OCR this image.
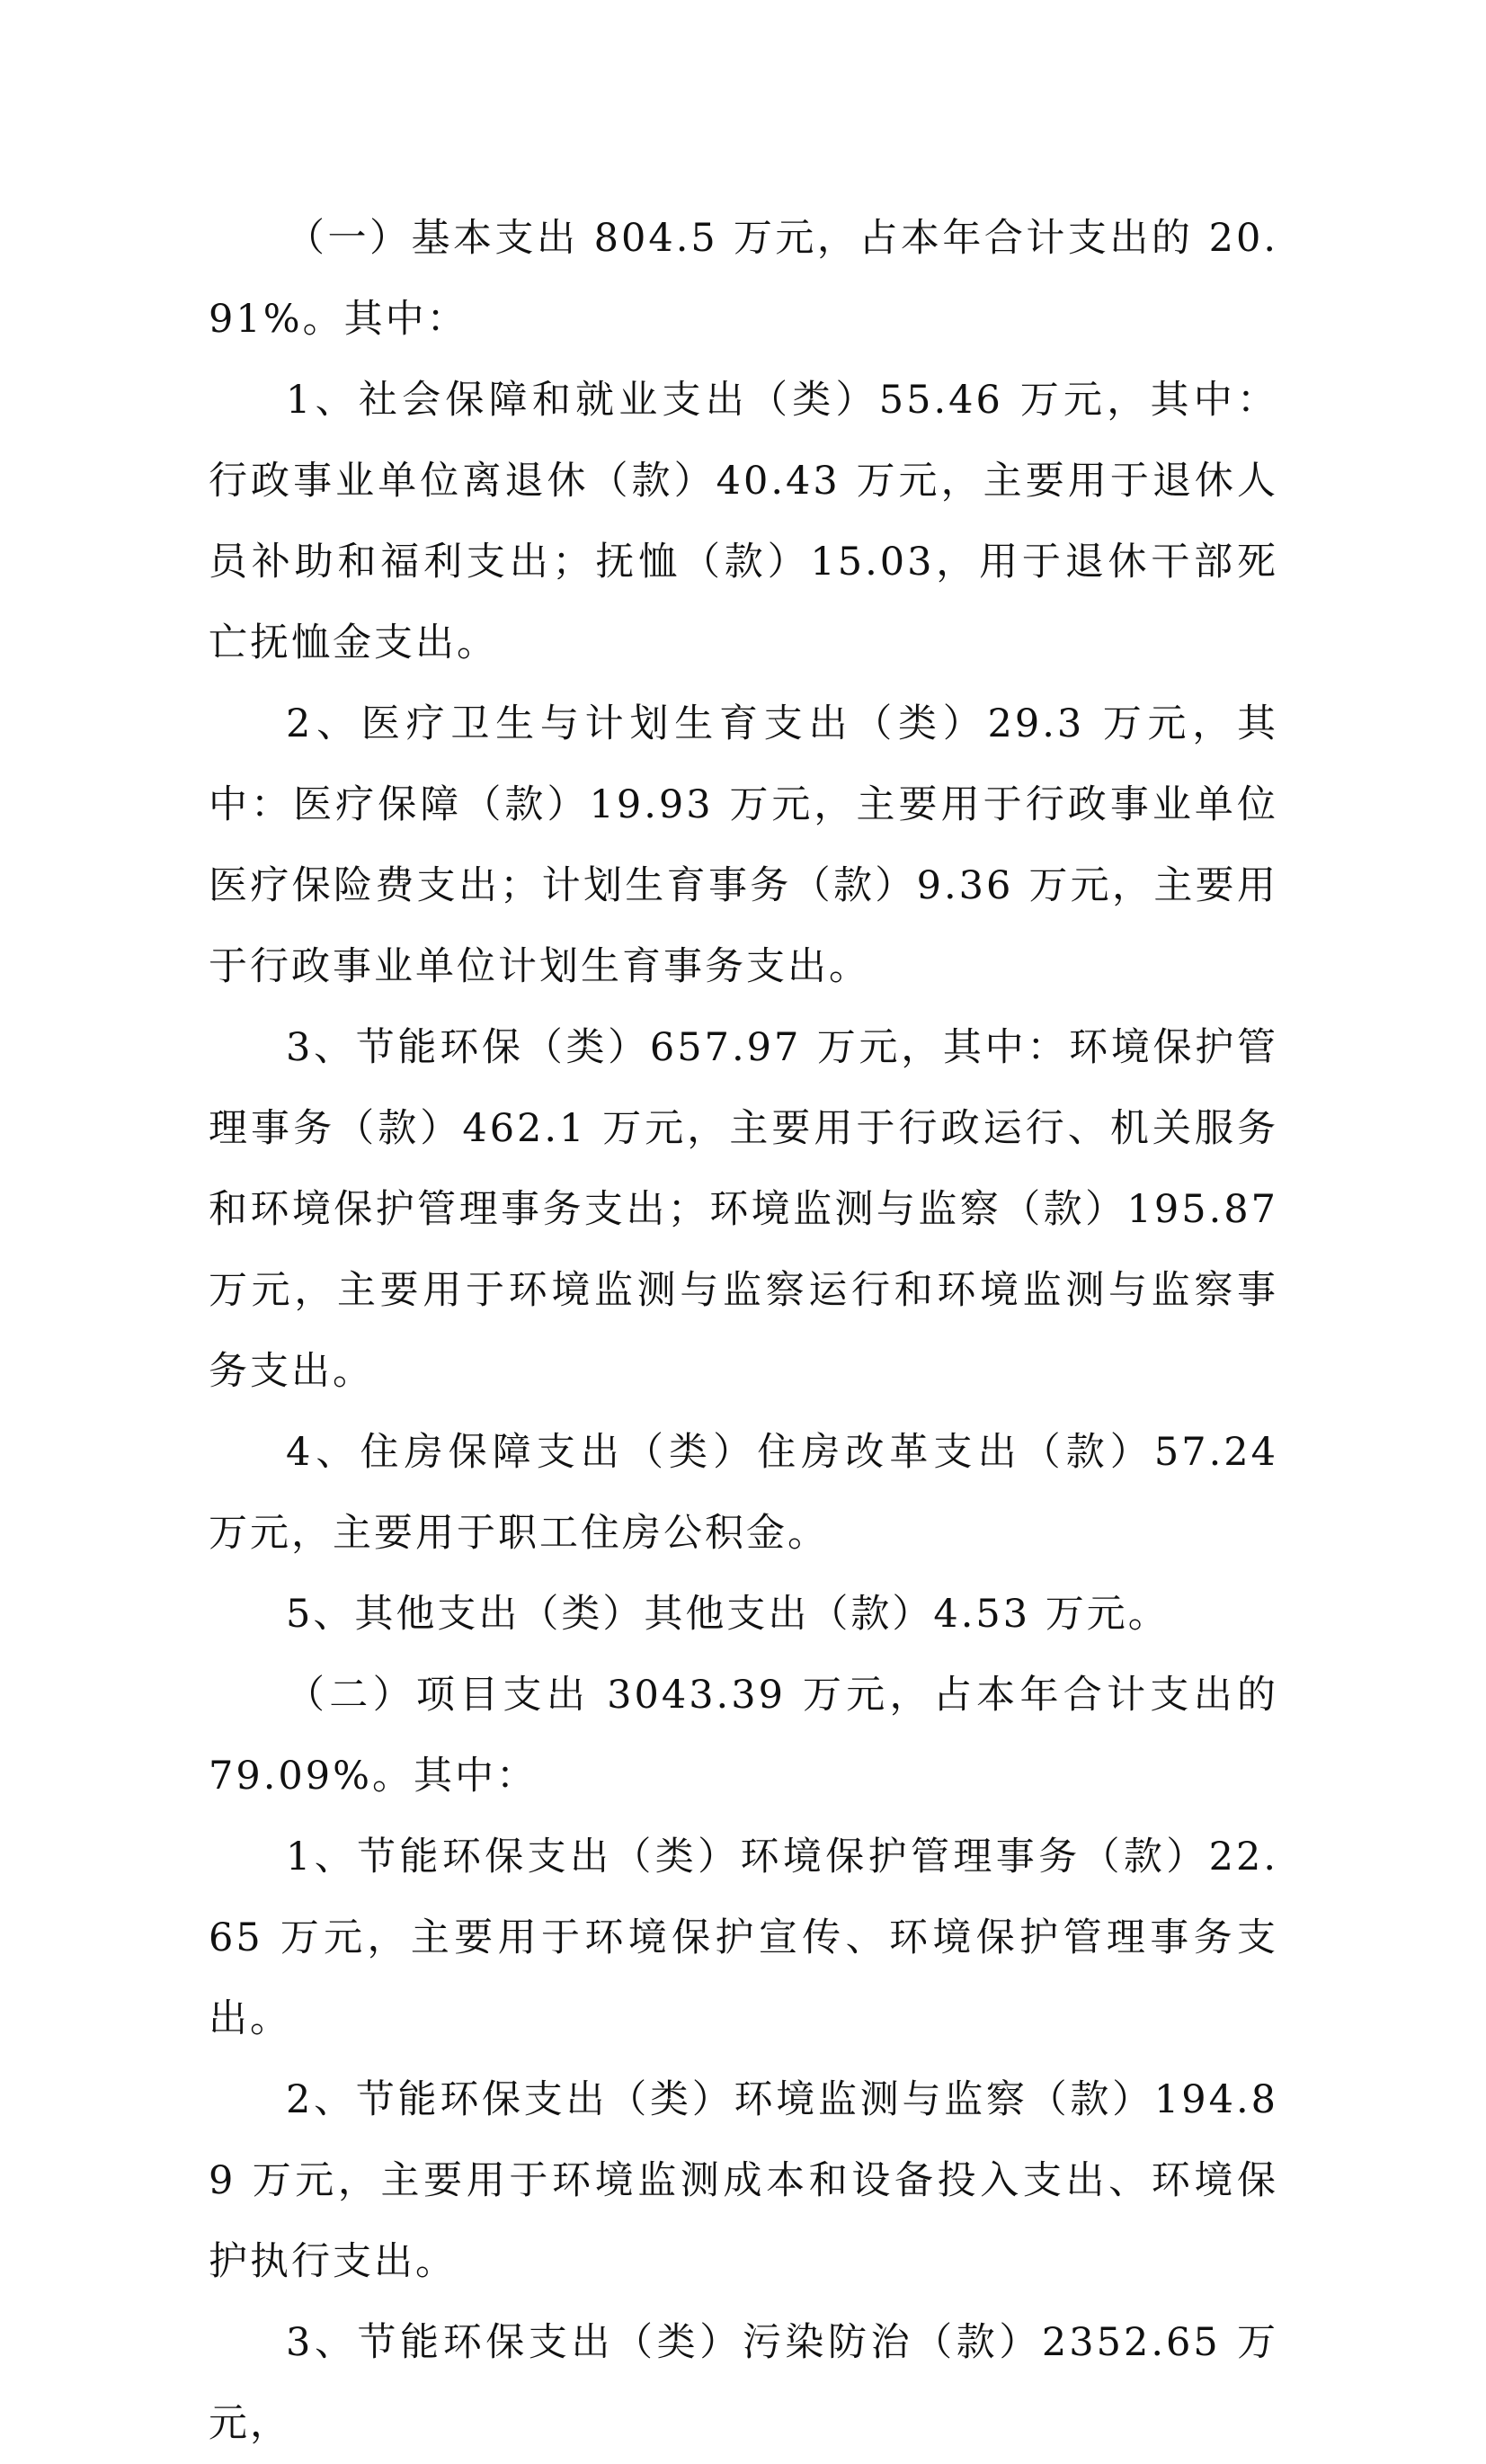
（一）基本支出 804.5 万元，占本年合计支出的 20.91%。其中：

1、社会保障和就业支出（类）55.46 万元，其中：行政事业单位离退休（款）40.43 万元，主要用于退休人员补助和福利支出；抚恤（款）15.03，用于退休干部死亡抚恤金支出。

2、医疗卫生与计划生育支出（类）29.3 万元，其中：医疗保障（款）19.93 万元，主要用于行政事业单位医疗保险费支出；计划生育事务（款）9.36 万元，主要用于行政事业单位计划生育事务支出。

3、节能环保（类）657.97 万元，其中：环境保护管理事务（款）462.1 万元，主要用于行政运行、机关服务和环境保护管理事务支出；环境监测与监察（款）195.87 万元，主要用于环境监测与监察运行和环境监测与监察事务支出。

4、住房保障支出（类）住房改革支出（款）57.24 万元，主要用于职工住房公积金。

5、其他支出（类）其他支出（款）4.53 万元。

（二）项目支出 3043.39 万元，占本年合计支出的 79.09%。其中：

1、节能环保支出（类）环境保护管理事务（款）22.65 万元，主要用于环境保护宣传、环境保护管理事务支出。

2、节能环保支出（类）环境监测与监察（款）194.89 万元，主要用于环境监测成本和设备投入支出、环境保护执行支出。

3、节能环保支出（类）污染防治（款）2352.65 万元，
